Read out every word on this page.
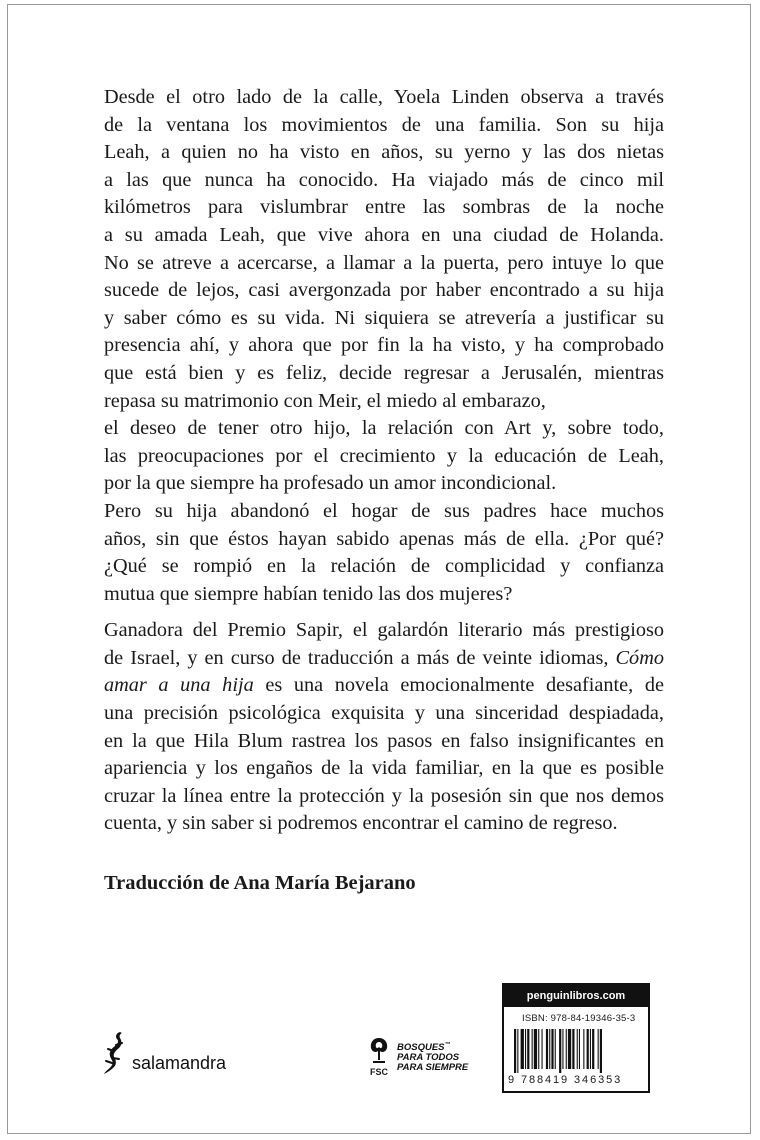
Desde el otro lado de la calle, Yoela Linden observa a través
de la ventana los movimientos de una familia. Son su hija
Leah, a quien no ha visto en años, su yerno y las dos nietas
a las que nunca ha conocido. Ha viajado más de cinco mil
kilómetros para vislumbrar entre las sombras de la noche
a su amada Leah, que vive ahora en una ciudad de Holanda.
No se atreve a acercarse, a llamar a la puerta, pero intuye lo que
sucede de lejos, casi avergonzada por haber encontrado a su hija
y saber cómo es su vida. Ni siquiera se atrevería a justificar su
presencia ahí, y ahora que por fin la ha visto, y ha comprobado
que está bien y es feliz, decide regresar a Jerusalén, mientras
repasa su matrimonio con Meir, el miedo al embarazo,
el deseo de tener otro hijo, la relación con Art y, sobre todo,
las preocupaciones por el crecimiento y la educación de Leah,
por la que siempre ha profesado un amor incondicional.
Pero su hija abandonó el hogar de sus padres hace muchos
años, sin que éstos hayan sabido apenas más de ella. ¿Por qué?
¿Qué se rompió en la relación de complicidad y confianza
mutua que siempre habían tenido las dos mujeres?
Ganadora del Premio Sapir, el galardón literario más prestigioso
de Israel, y en curso de traducción a más de veinte idiomas, Cómo
amar a una hija es una novela emocionalmente desafiante, de
una precisión psicológica exquisita y una sinceridad despiadada,
en la que Hila Blum rastrea los pasos en falso insignificantes en
apariencia y los engaños de la vida familiar, en la que es posible
cruzar la línea entre la protección y la posesión sin que nos demos
cuenta, y sin saber si podremos encontrar el camino de regreso.
Traducción de Ana María Bejarano
salamandra	FSC
BOSQUES™
PARA TODOS
PARA SIEMPRE
penguinlibros.com
ISBN: 978-84-19346-35-3
9 788419 346353
